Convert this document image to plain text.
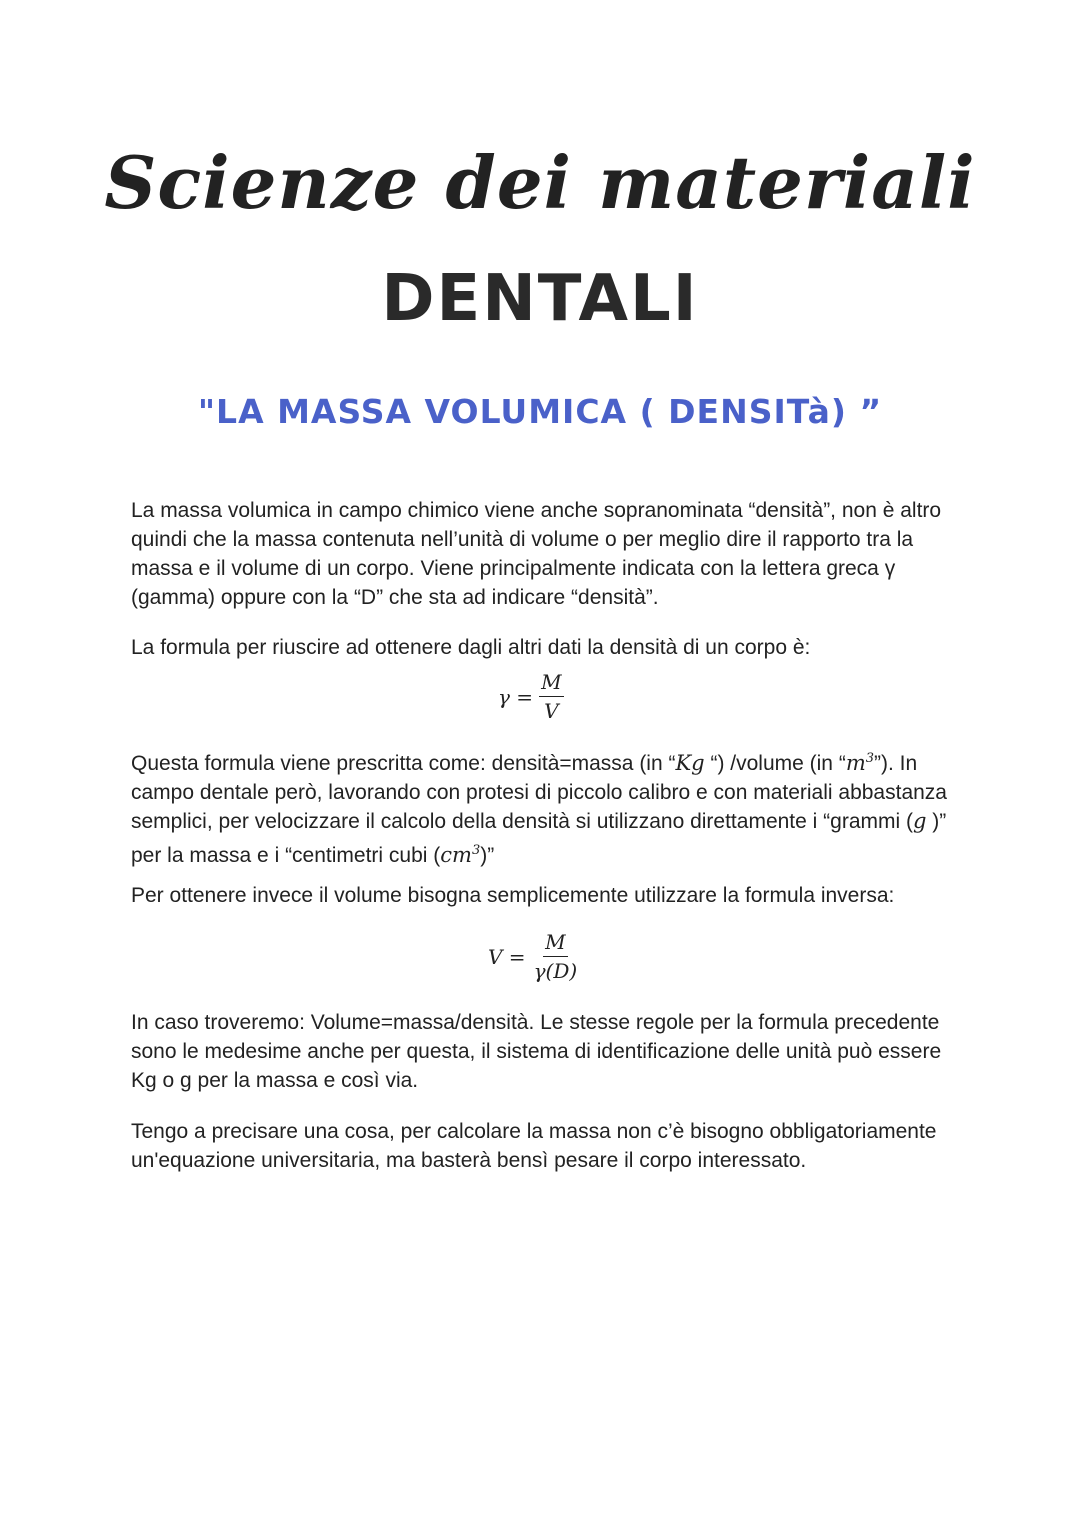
Scienze dei materiali
DENTALI
"LA MASSA VOLUMICA ( DENSITà) ”
La massa volumica in campo chimico viene anche sopranominata “densità”, non è altro quindi che la massa contenuta nell’unità di volume o per meglio dire il rapporto tra la massa e il volume di un corpo. Viene principalmente indicata con la lettera greca γ (gamma) oppure con la “D” che sta ad indicare “densità”.
La formula per riuscire ad ottenere dagli altri dati la densità di un corpo è:
$\gamma = \frac{M}{V}$
Questa formula viene prescritta come: densità=massa (in “Kg “) /volume (in “$m^3$”). In campo dentale però, lavorando con protesi di piccolo calibro e con materiali abbastanza semplici, per velocizzare il calcolo della densità si utilizzano direttamente i “grammi (g )” per la massa e i “centimetri cubi $(cm^3)$”
Per ottenere invece il volume bisogna semplicemente utilizzare la formula inversa:
$V = \frac{M}{\gamma(D)}$
In caso troveremo: Volume=massa/densità. Le stesse regole per la formula precedente sono le medesime anche per questa, il sistema di identificazione delle unità può essere Kg o g per la massa e così via.
Tengo a precisare una cosa, per calcolare la massa non c’è bisogno obbligatoriamente un'equazione universitaria, ma basterà bensì pesare il corpo interessato.
